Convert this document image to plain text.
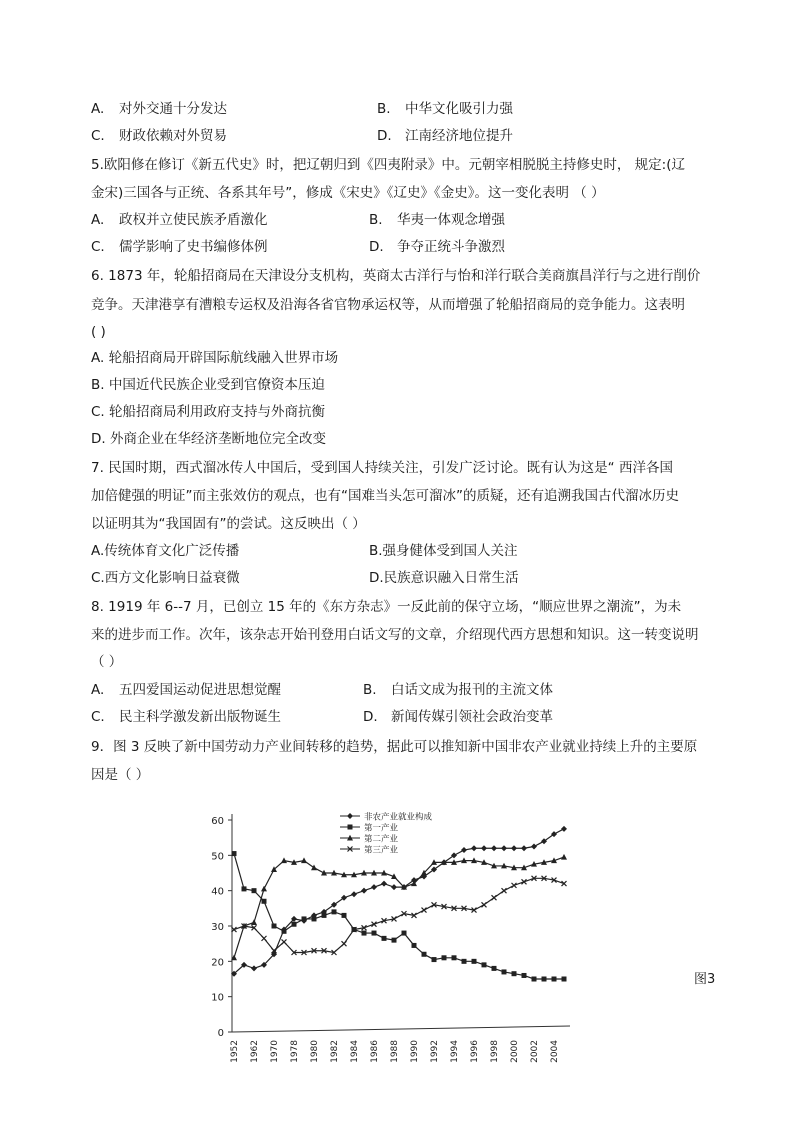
A. 对外交通十分发达	B. 中华文化吸引力强
C. 财政依赖对外贸易	D. 江南经济地位提升
5.欧阳修在修订《新五代史》时，把辽朝归到《四夷附录》中。元朝宰相脱脱主持修史时， 规定:(辽
金宋)三国各与正统、各系其年号”，修成《宋史》《辽史》《金史》。这一变化表明 （ ）
A. 政权并立使民族矛盾激化	B. 华夷一体观念增强
C. 儒学影响了史书编修体例	D. 争夺正统斗争激烈
6. 1873 年，轮船招商局在天津设分支机构，英商太古洋行与怡和洋行联合美商旗昌洋行与之进行削价
竞争。天津港享有漕粮专运权及沿海各省官物承运权等，从而增强了轮船招商局的竞争能力。这表明
( )
A. 轮船招商局开辟国际航线融入世界市场
B. 中国近代民族企业受到官僚资本压迫
C. 轮船招商局利用政府支持与外商抗衡
D. 外商企业在华经济垄断地位完全改变
7. 民国时期，西式溜冰传人中国后，受到国人持续关注，引发广泛讨论。既有认为这是“ 西洋各国
加倍健强的明证”而主张效仿的观点，也有“国难当头怎可溜冰”的质疑，还有追溯我国古代溜冰历史
以证明其为“我国固有”的尝试。这反映出（ ）
A.传统体育文化广泛传播	B.强身健体受到国人关注
C.西方文化影响日益衰微	D.民族意识融入日常生活
8. 1919 年 6--7 月，已创立 15 年的《东方杂志》一反此前的保守立场，“顺应世界之潮流”，为未
来的进步而工作。次年，该杂志开始刊登用白话文写的文章，介绍现代西方思想和知识。这一转变说明
（ ）
A. 五四爱国运动促进思想觉醒	B. 白话文成为报刊的主流文体
C. 民主科学激发新出版物诞生	D. 新闻传媒引领社会政治变革
9．图 3 反映了新中国劳动力产业间转移的趋势，据此可以推知新中国非农产业就业持续上升的主要原
因是（ ）
0
10
20
30
40
50
60
1952 1962 1970 1978 1980 1982 1984 1986 1988 1990 1992 1994 1996 1998 2000 2002 2004
非农产业就业构成
第一产业
第二产业
第三产业
图3
